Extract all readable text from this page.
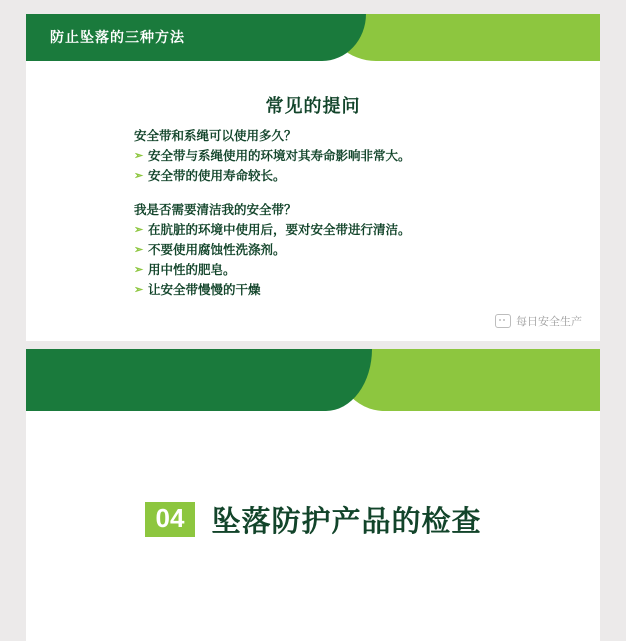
防止坠落的三种方法
常见的提问
安全带和系绳可以使用多久？
➢ 安全带与系绳使用的环境对其寿命影响非常大。
➢ 安全带的使用寿命较长。
我是否需要清洁我的安全带？
➢ 在肮脏的环境中使用后，要对安全带进行清洁。
➢ 不要使用腐蚀性洗涤剂。
➢ 用中性的肥皂。
➢ 让安全带慢慢的干燥
每日安全生产
04 坠落防护产品的检查
